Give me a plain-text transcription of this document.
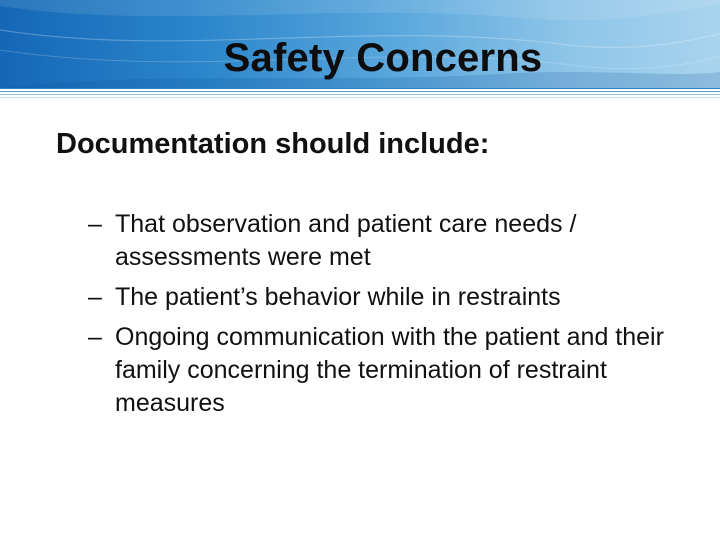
Safety Concerns
Documentation should include:
– That observation and patient care needs / assessments were met
– The patient’s behavior while in restraints
– Ongoing communication with the patient and their family concerning the termination of restraint measures
